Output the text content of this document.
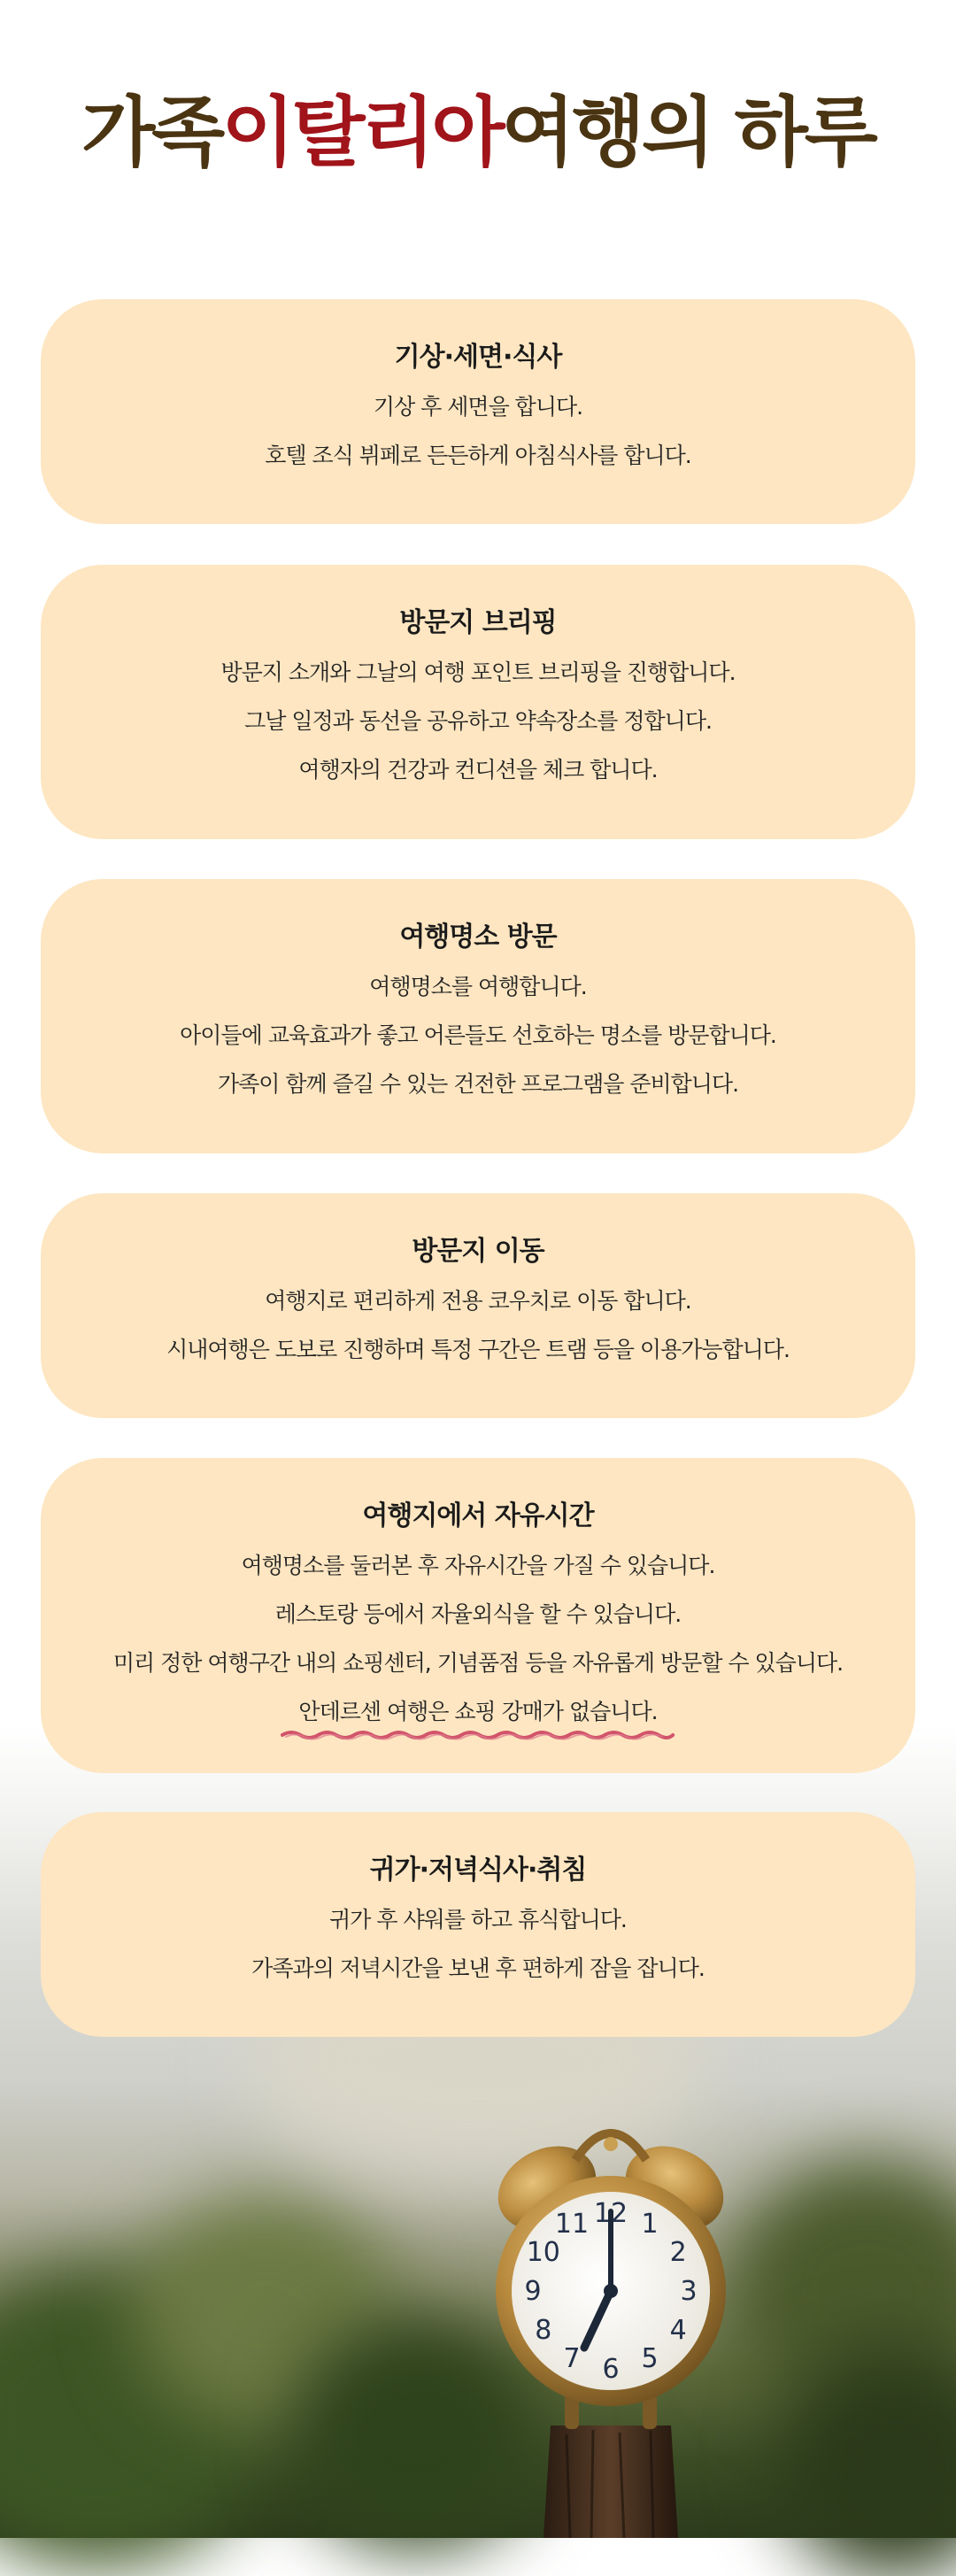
가족이탈리아여행의 하루
기상·세면·식사
기상 후 세면을 합니다.
호텔 조식 뷔페로 든든하게 아침식사를 합니다.
방문지 브리핑
방문지 소개와 그날의 여행 포인트 브리핑을 진행합니다.
그날 일정과 동선을 공유하고 약속장소를 정합니다.
여행자의 건강과 컨디션을 체크 합니다.
여행명소 방문
여행명소를 여행합니다.
아이들에 교육효과가 좋고 어른들도 선호하는 명소를 방문합니다.
가족이 함께 즐길 수 있는 건전한 프로그램을 준비합니다.
방문지 이동
여행지로 편리하게 전용 코우치로 이동 합니다.
시내여행은 도보로 진행하며 특정 구간은 트램 등을 이용가능합니다.
여행지에서 자유시간
여행명소를 둘러본 후 자유시간을 가질 수 있습니다.
레스토랑 등에서 자율외식을 할 수 있습니다.
미리 정한 여행구간 내의 쇼핑센터, 기념품점 등을 자유롭게 방문할 수 있습니다.
안데르센 여행은 쇼핑 강매가 없습니다.
귀가·저녁식사·취침
귀가 후 샤워를 하고 휴식합니다.
가족과의 저녁시간을 보낸 후 편하게 잠을 잡니다.
12 1
2
3
4
5
6
7
8
9
10
11
